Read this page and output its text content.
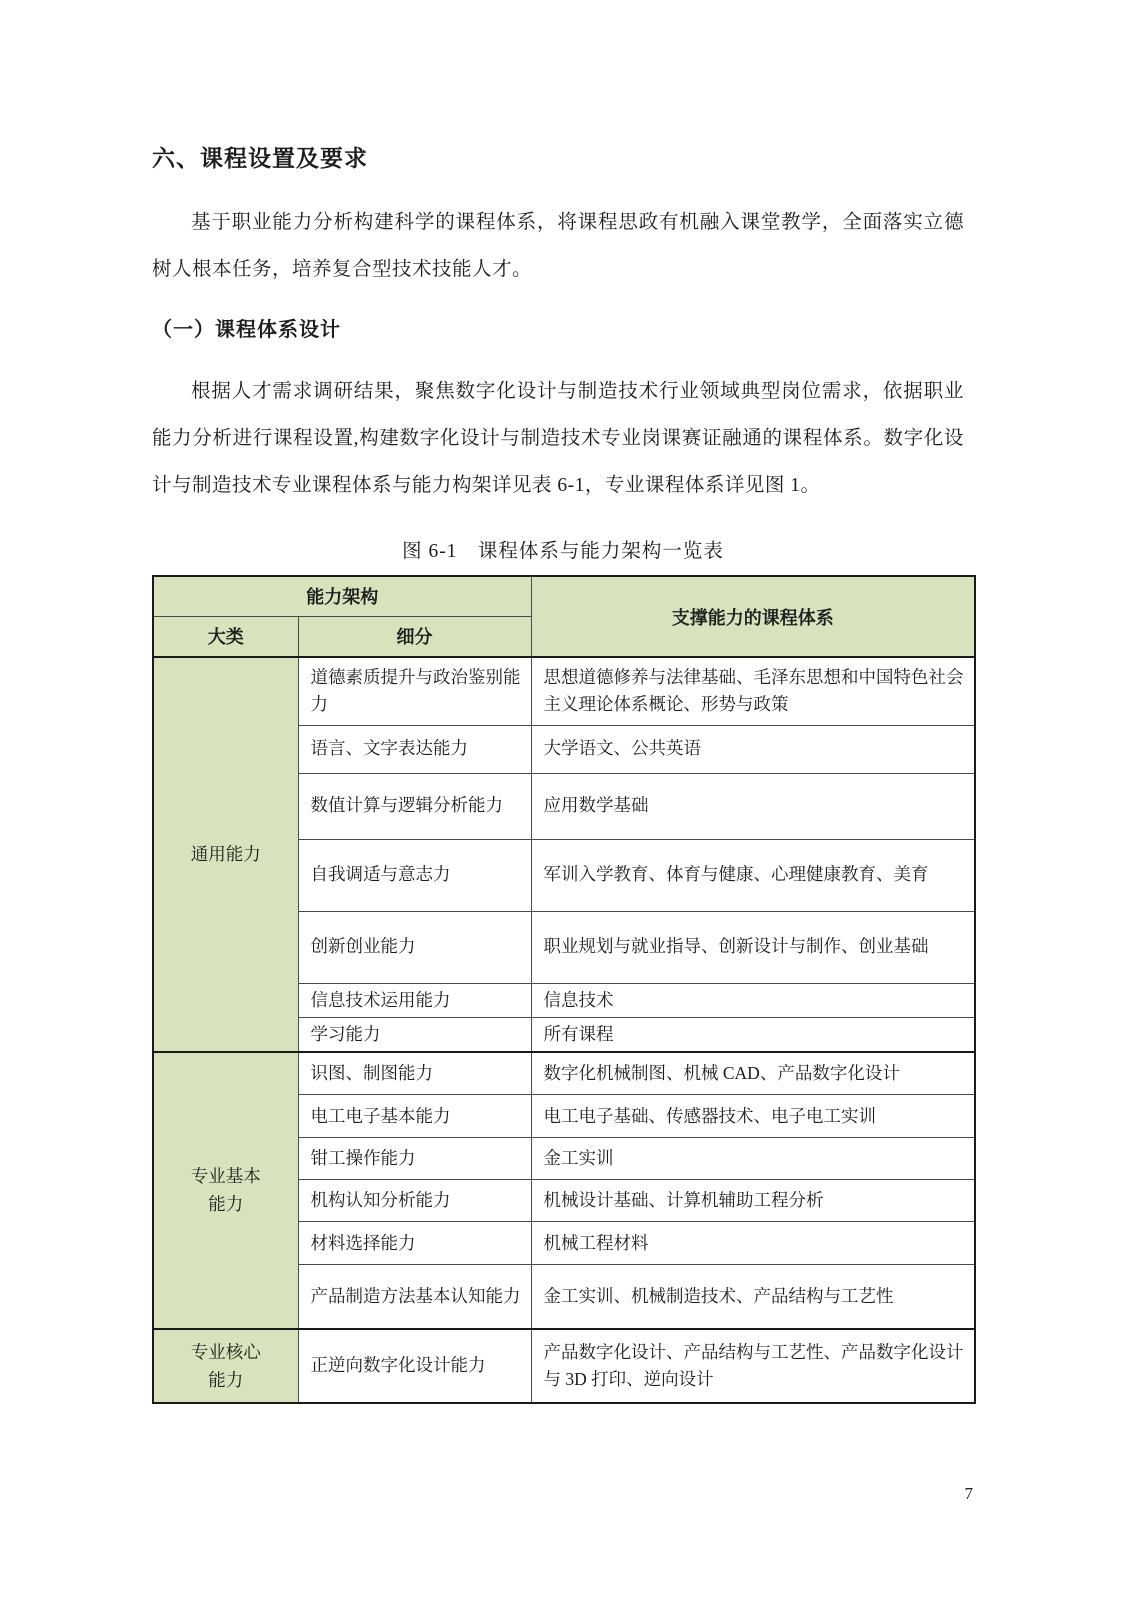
六、课程设置及要求

基于职业能力分析构建科学的课程体系，将课程思政有机融入课堂教学，全面落实立德树人根本任务，培养复合型技术技能人才。

（一）课程体系设计

根据人才需求调研结果，聚焦数字化设计与制造技术行业领域典型岗位需求，依据职业能力分析进行课程设置,构建数字化设计与制造技术专业岗课赛证融通的课程体系。数字化设计与制造技术专业课程体系与能力构架详见表 6-1，专业课程体系详见图 1。

图 6-1　课程体系与能力架构一览表
能力架构		支撑能力的课程体系
大类	细分	
通用能力	道德素质提升与政治鉴别能力	思想道德修养与法律基础、毛泽东思想和中国特色社会主义理论体系概论、形势与政策
	语言、文字表达能力	大学语文、公共英语
	数值计算与逻辑分析能力	应用数学基础
	自我调适与意志力	军训入学教育、体育与健康、心理健康教育、美育
	创新创业能力	职业规划与就业指导、创新设计与制作、创业基础
	信息技术运用能力	信息技术
	学习能力	所有课程
专业基本能力	识图、制图能力	数字化机械制图、机械 CAD、产品数字化设计
	电工电子基本能力	电工电子基础、传感器技术、电子电工实训
	钳工操作能力	金工实训
	机构认知分析能力	机械设计基础、计算机辅助工程分析
	材料选择能力	机械工程材料
	产品制造方法基本认知能力	金工实训、机械制造技术、产品结构与工艺性
专业核心能力	正逆向数字化设计能力	产品数字化设计、产品结构与工艺性、产品数字化设计与 3D 打印、逆向设计
7
